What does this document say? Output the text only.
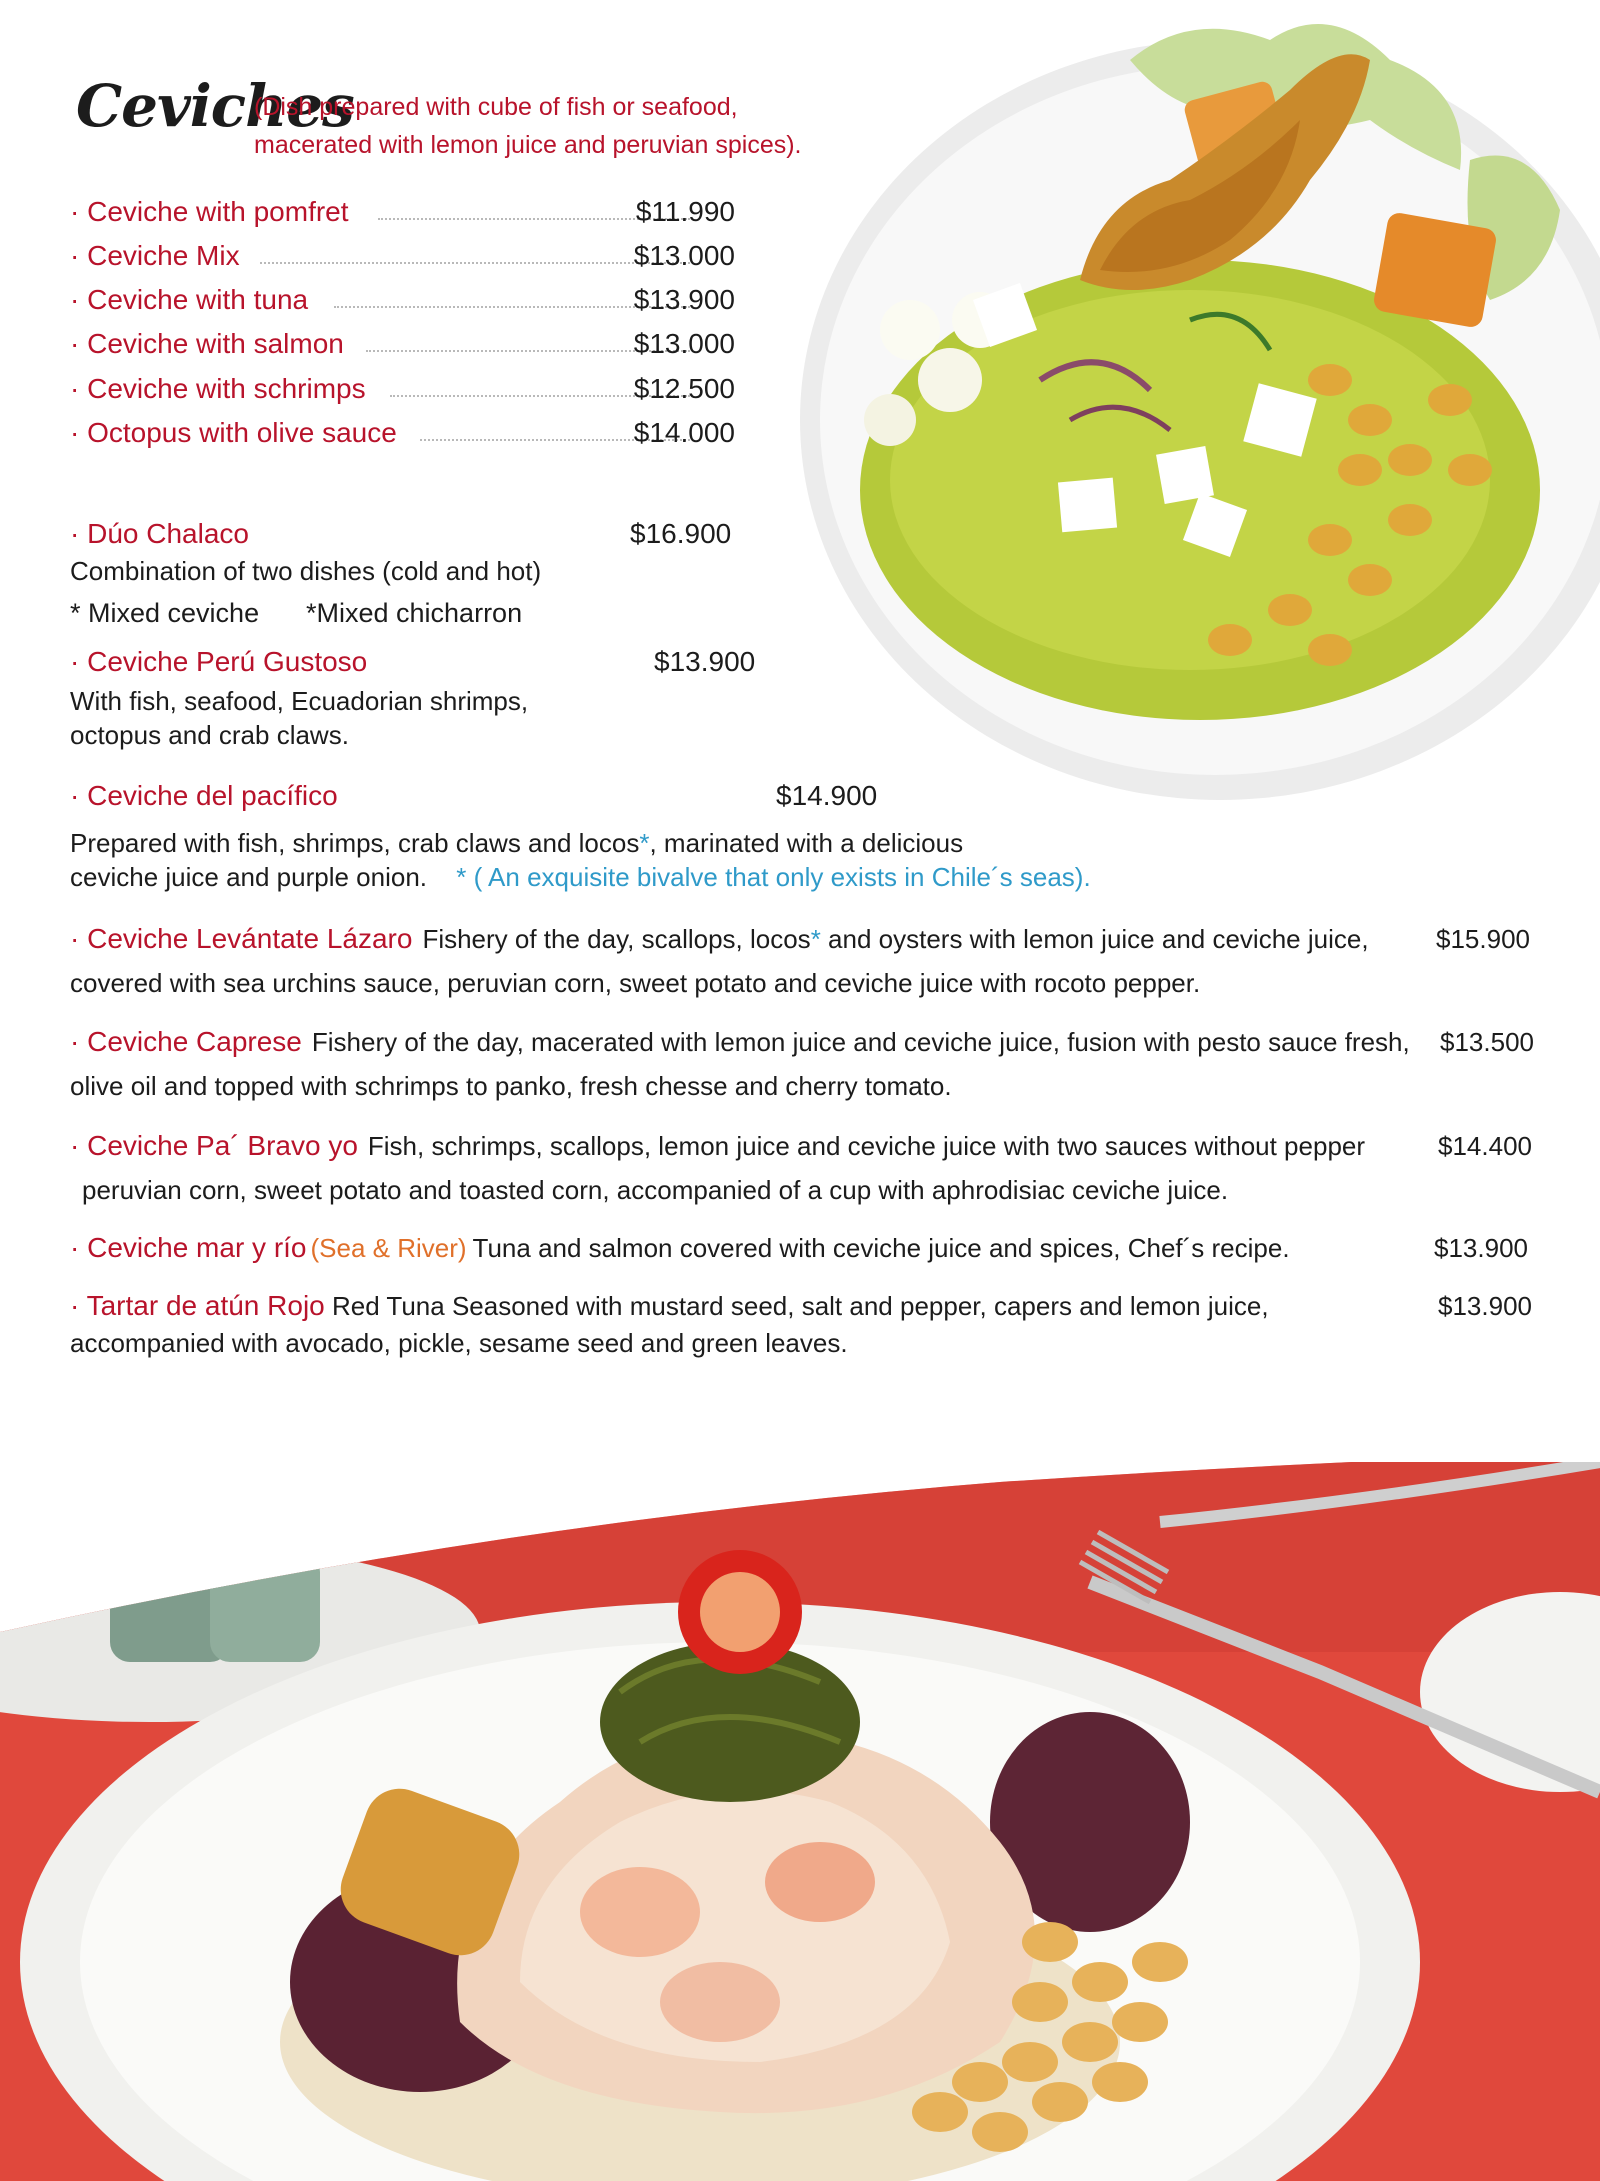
Ceviches
(Dish prepared with cube of fish or seafood,
macerated with lemon juice and peruvian spices).
· Ceviche with pomfret	$11.990
· Ceviche Mix	$13.000
· Ceviche with tuna	$13.900
· Ceviche with salmon	$13.000
· Ceviche with schrimps	$12.500
· Octopus with olive sauce	$14.000
· Dúo Chalaco	$16.900
Combination of two dishes (cold and hot)
* Mixed ceviche *Mixed chicharron
· Ceviche Perú Gustoso	$13.900
With fish, seafood, Ecuadorian shrimps,
octopus and crab claws.
· Ceviche del pacífico	$14.900
Prepared with fish, shrimps, crab claws and locos*, marinated with a delicious
ceviche juice and purple onion. * ( An exquisite bivalve that only exists in Chile´s seas).
· Ceviche Levántate Lázaro Fishery of the day, scallops, locos* and oysters with lemon juice and ceviche juice,
covered with sea urchins sauce, peruvian corn, sweet potato and ceviche juice with rocoto pepper.
$15.900
· Ceviche Caprese Fishery of the day, macerated with lemon juice and ceviche juice, fusion with pesto sauce fresh,
olive oil and topped with schrimps to panko, fresh chesse and cherry tomato.
$13.500
· Ceviche Pa´ Bravo yo Fish, schrimps, scallops, lemon juice and ceviche juice with two sauces without pepper
peruvian corn, sweet potato and toasted corn, accompanied of a cup with aphrodisiac ceviche juice.
$14.400
· Ceviche mar y río (Sea & River) Tuna and salmon covered with ceviche juice and spices, Chef´s recipe.	$13.900
· Tartar de atún Rojo Red Tuna Seasoned with mustard seed, salt and pepper, capers and lemon juice,
accompanied with avocado, pickle, sesame seed and green leaves.
$13.900
